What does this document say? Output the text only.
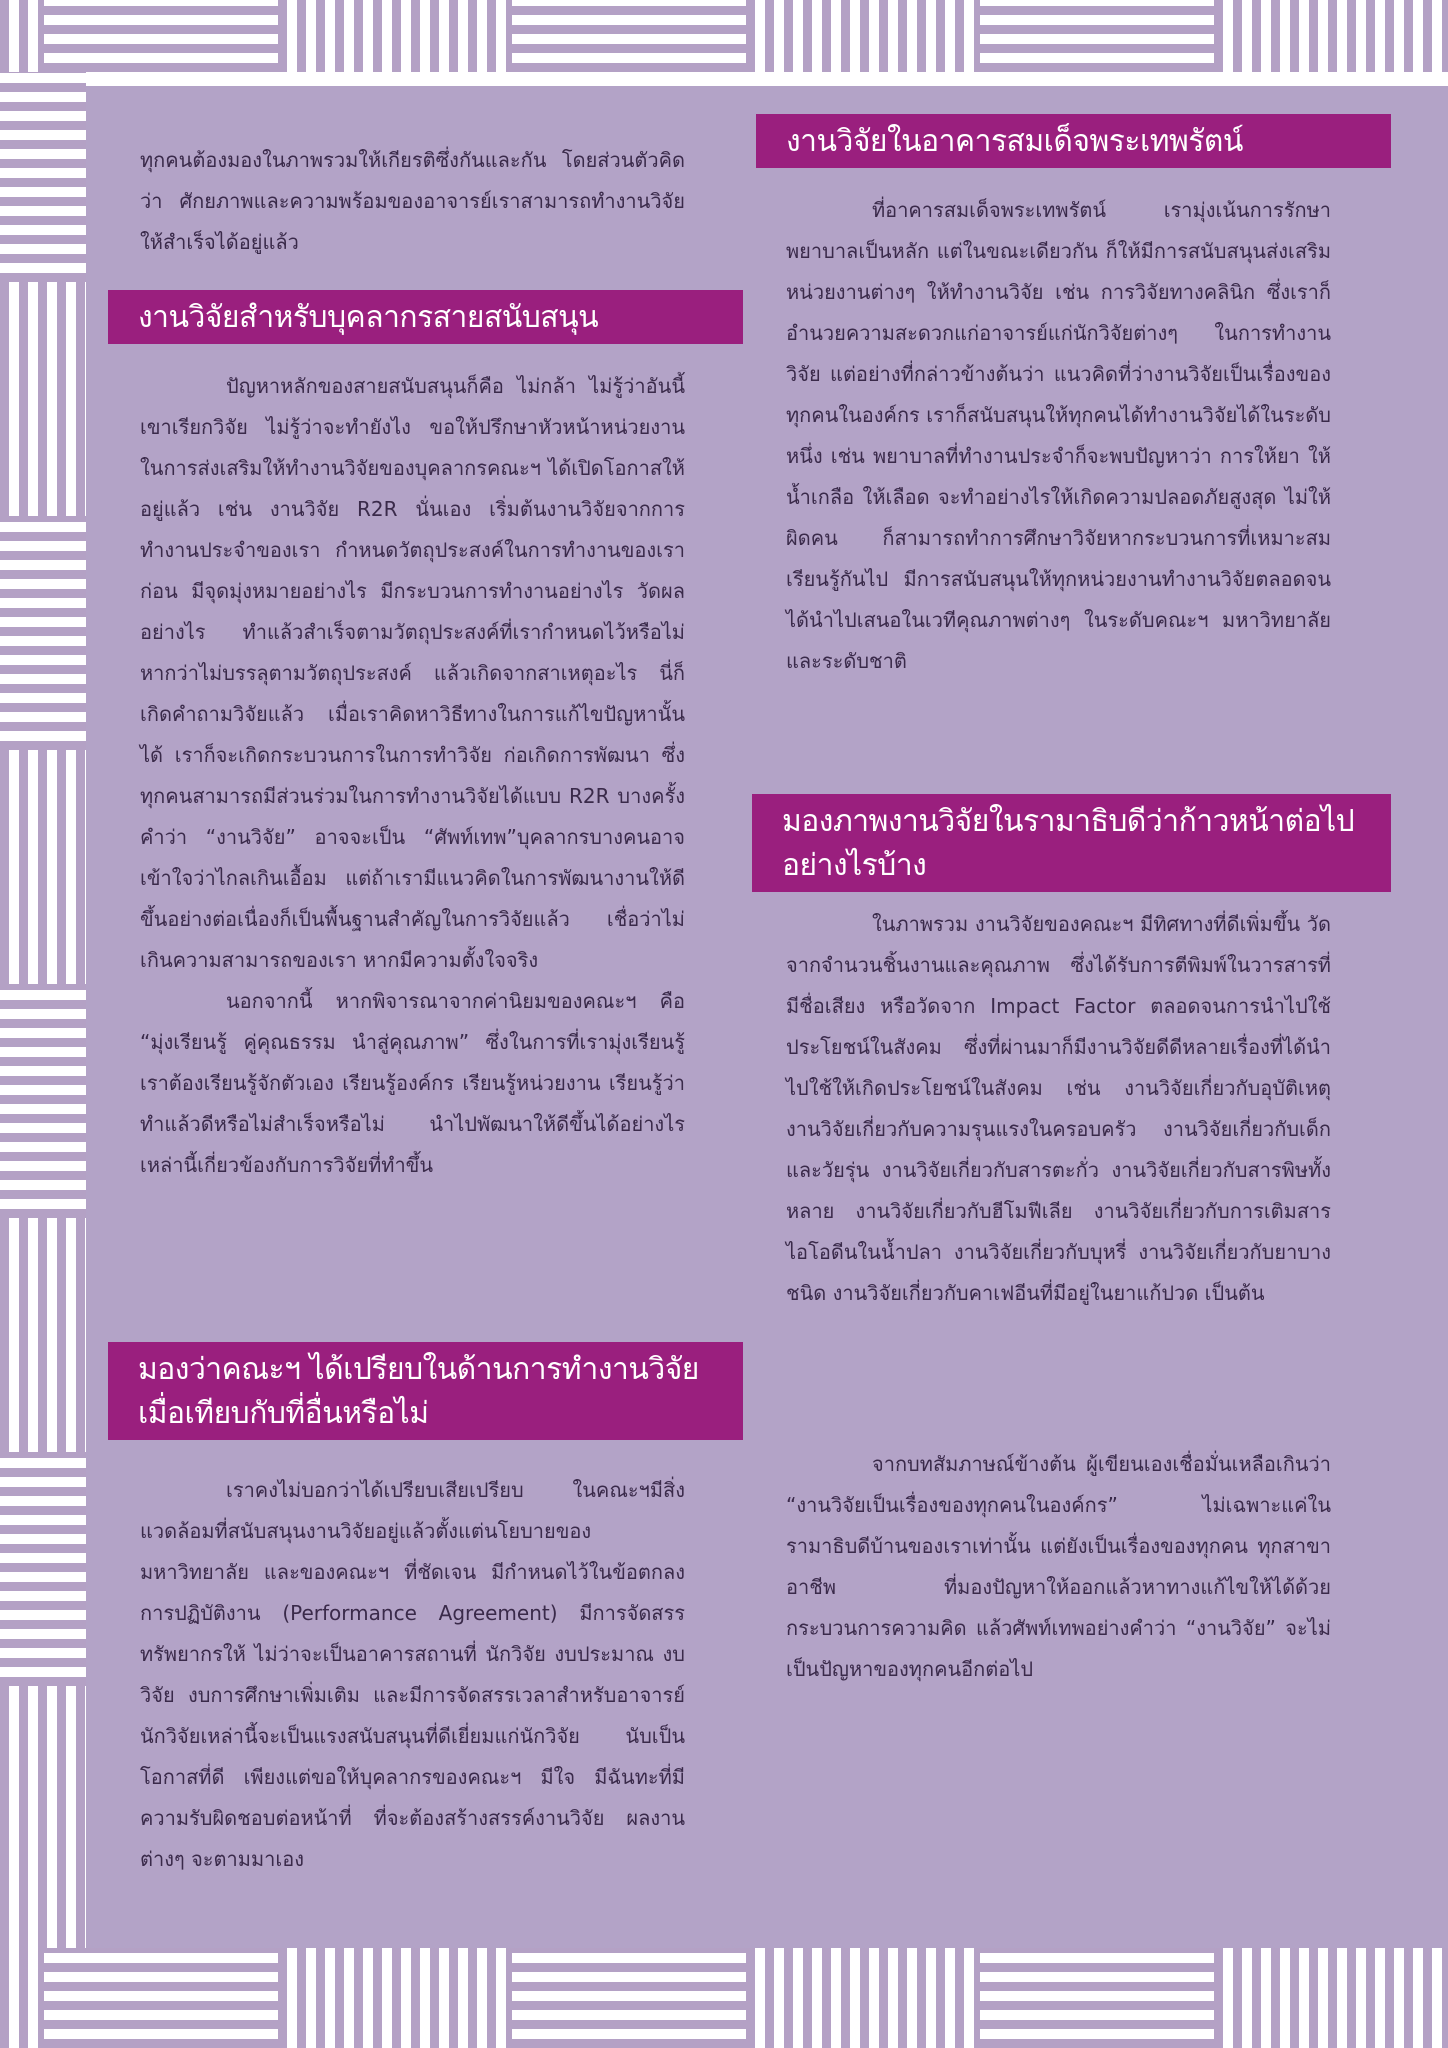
ทุกคนต้องมองในภาพรวมให้เกียรติซึ่งกันและกัน โดยส่วนตัวคิดว่า ศักยภาพและความพร้อมของอาจารย์เราสามารถทำงานวิจัยให้สำเร็จได้อยู่แล้ว

งานวิจัยสำหรับบุคลากรสายสนับสนุน

ปัญหาหลักของสายสนับสนุนก็คือ ไม่กล้า ไม่รู้ว่าอันนี้เขาเรียกวิจัย ไม่รู้ว่าจะทำยังไง ขอให้ปรึกษาหัวหน้าหน่วยงาน ในการส่งเสริมให้ทำงานวิจัยของบุคลากรคณะฯ ได้เปิดโอกาสให้อยู่แล้ว เช่น งานวิจัย R2R นั่นเอง เริ่มต้นงานวิจัยจากการทำงานประจำของเรา กำหนดวัตถุประสงค์ในการทำงานของเราก่อน มีจุดมุ่งหมายอย่างไร มีกระบวนการทำงานอย่างไร วัดผลอย่างไร ทำแล้วสำเร็จตามวัตถุประสงค์ที่เรากำหนดไว้หรือไม่ หากว่าไม่บรรลุตามวัตถุประสงค์ แล้วเกิดจากสาเหตุอะไร นี่ก็เกิดคำถามวิจัยแล้ว เมื่อเราคิดหาวิธีทางในการแก้ไขปัญหานั้นได้ เราก็จะเกิดกระบวนการในการทำวิจัย ก่อเกิดการพัฒนา ซึ่งทุกคนสามารถมีส่วนร่วมในการทำงานวิจัยได้แบบ R2R บางครั้งคำว่า “งานวิจัย” อาจจะเป็น “ศัพท์เทพ”บุคลากรบางคนอาจเข้าใจว่าไกลเกินเอื้อม แต่ถ้าเรามีแนวคิดในการพัฒนางานให้ดีขึ้นอย่างต่อเนื่องก็เป็นพื้นฐานสำคัญในการวิจัยแล้ว เชื่อว่าไม่เกินความสามารถของเรา หากมีความตั้งใจจริง

นอกจากนี้ หากพิจารณาจากค่านิยมของคณะฯ คือ “มุ่งเรียนรู้ คู่คุณธรรม นำสู่คุณภาพ” ซึ่งในการที่เรามุ่งเรียนรู้ เราต้องเรียนรู้จักตัวเอง เรียนรู้องค์กร เรียนรู้หน่วยงาน เรียนรู้ว่าทำแล้วดีหรือไม่สำเร็จหรือไม่ นำไปพัฒนาให้ดีขึ้นได้อย่างไร เหล่านี้เกี่ยวข้องกับการวิจัยที่ทำขึ้น

มองว่าคณะฯ ได้เปรียบในด้านการทำงานวิจัยเมื่อเทียบกับที่อื่นหรือไม่

เราคงไม่บอกว่าได้เปรียบเสียเปรียบ ในคณะฯมีสิ่งแวดล้อมที่สนับสนุนงานวิจัยอยู่แล้วตั้งแต่นโยบายของมหาวิทยาลัย และของคณะฯ ที่ชัดเจน มีกำหนดไว้ในข้อตกลงการปฏิบัติงาน (Performance Agreement) มีการจัดสรรทรัพยากรให้ ไม่ว่าจะเป็นอาคารสถานที่ นักวิจัย งบประมาณ งบวิจัย งบการศึกษาเพิ่มเติม และมีการจัดสรรเวลาสำหรับอาจารย์นักวิจัยเหล่านี้จะเป็นแรงสนับสนุนที่ดีเยี่ยมแก่นักวิจัย นับเป็นโอกาสที่ดี เพียงแต่ขอให้บุคลากรของคณะฯ มีใจ มีฉันทะที่มีความรับผิดชอบต่อหน้าที่ ที่จะต้องสร้างสรรค์งานวิจัย ผลงานต่างๆ จะตามมาเอง

งานวิจัยในอาคารสมเด็จพระเทพรัตน์

ที่อาคารสมเด็จพระเทพรัตน์ เรามุ่งเน้นการรักษาพยาบาลเป็นหลัก แต่ในขณะเดียวกัน ก็ให้มีการสนับสนุนส่งเสริมหน่วยงานต่างๆ ให้ทำงานวิจัย เช่น การวิจัยทางคลินิก ซึ่งเราก็อำนวยความสะดวกแก่อาจารย์แก่นักวิจัยต่างๆ ในการทำงานวิจัย แต่อย่างที่กล่าวข้างต้นว่า แนวคิดที่ว่างานวิจัยเป็นเรื่องของทุกคนในองค์กร เราก็สนับสนุนให้ทุกคนได้ทำงานวิจัยได้ในระดับหนึ่ง เช่น พยาบาลที่ทำงานประจำก็จะพบปัญหาว่า การให้ยา ให้น้ำเกลือ ให้เลือด จะทำอย่างไรให้เกิดความปลอดภัยสูงสุด ไม่ให้ผิดคน ก็สามารถทำการศึกษาวิจัยหากระบวนการที่เหมาะสม เรียนรู้กันไป มีการสนับสนุนให้ทุกหน่วยงานทำงานวิจัยตลอดจนได้นำไปเสนอในเวทีคุณภาพต่างๆ ในระดับคณะฯ มหาวิทยาลัย และระดับชาติ

มองภาพงานวิจัยในรามาธิบดีว่าก้าวหน้าต่อไปอย่างไรบ้าง

ในภาพรวม งานวิจัยของคณะฯ มีทิศทางที่ดีเพิ่มขึ้น วัดจากจำนวนชิ้นงานและคุณภาพ ซึ่งได้รับการตีพิมพ์ในวารสารที่มีชื่อเสียง หรือวัดจาก Impact Factor ตลอดจนการนำไปใช้ประโยชน์ในสังคม ซึ่งที่ผ่านมาก็มีงานวิจัยดีดีหลายเรื่องที่ได้นำไปใช้ให้เกิดประโยชน์ในสังคม เช่น งานวิจัยเกี่ยวกับอุบัติเหตุ งานวิจัยเกี่ยวกับความรุนแรงในครอบครัว งานวิจัยเกี่ยวกับเด็กและวัยรุ่น งานวิจัยเกี่ยวกับสารตะกั่ว งานวิจัยเกี่ยวกับสารพิษทั้งหลาย งานวิจัยเกี่ยวกับฮีโมฟีเลีย งานวิจัยเกี่ยวกับการเติมสารไอโอดีนในน้ำปลา งานวิจัยเกี่ยวกับบุหรี่ งานวิจัยเกี่ยวกับยาบางชนิด งานวิจัยเกี่ยวกับคาเฟอีนที่มีอยู่ในยาแก้ปวด เป็นต้น

จากบทสัมภาษณ์ข้างต้น ผู้เขียนเองเชื่อมั่นเหลือเกินว่า “งานวิจัยเป็นเรื่องของทุกคนในองค์กร” ไม่เฉพาะแค่ในรามาธิบดีบ้านของเราเท่านั้น แต่ยังเป็นเรื่องของทุกคน ทุกสาขาอาชีพ ที่มองปัญหาให้ออกแล้วหาทางแก้ไขให้ได้ด้วยกระบวนการความคิด แล้วศัพท์เทพอย่างคำว่า “งานวิจัย” จะไม่เป็นปัญหาของทุกคนอีกต่อไป
